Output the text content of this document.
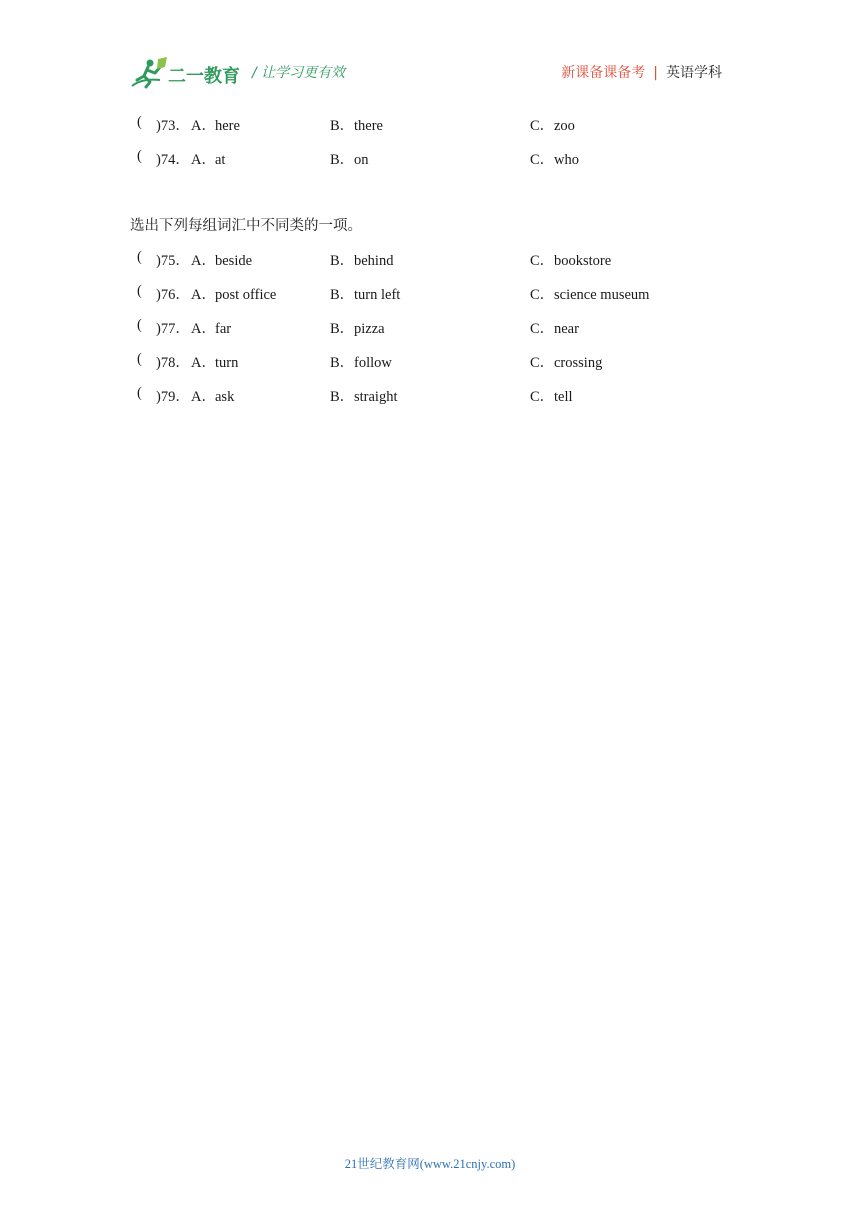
二一教育 / 让学习更有效	新课备课备考 | 英语学科
( )73． A．here	B．there	C．zoo
( )74． A．at	B．on	C．who
选出下列每组词汇中不同类的一项。
( )75． A．beside	B．behind	C．bookstore
( )76． A．post office	B．turn left	C．science museum
( )77． A．far	B．pizza	C．near
( )78． A．turn	B．follow	C．crossing
( )79． A．ask	B．straight	C．tell
21世纪教育网(www.21cnjy.com)
